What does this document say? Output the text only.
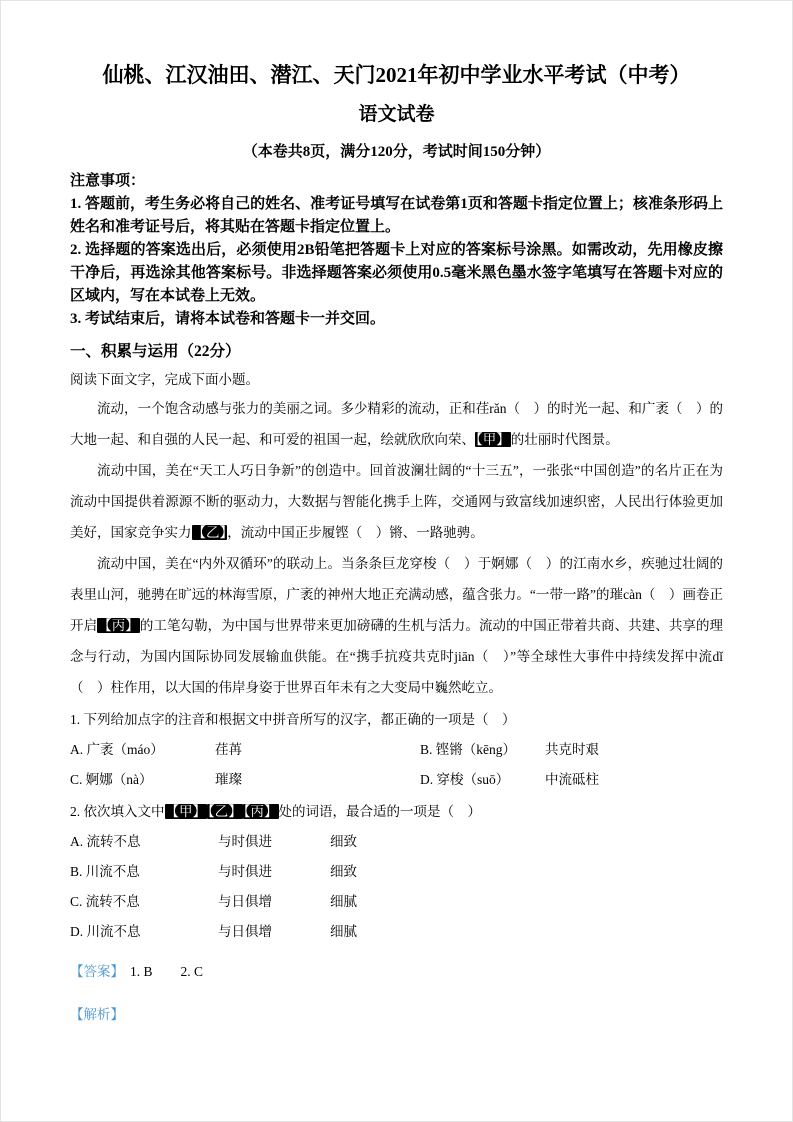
仙桃、江汉油田、潜江、天门2021年初中学业水平考试（中考）
语文试卷
（本卷共8页，满分120分，考试时间150分钟）
注意事项：
1. 答题前，考生务必将自己的姓名、准考证号填写在试卷第1页和答题卡指定位置上；核准条形码上姓名和准考证号后，将其贴在答题卡指定位置上。
2. 选择题的答案选出后，必须使用2B铅笔把答题卡上对应的答案标号涂黑。如需改动，先用橡皮擦干净后，再选涂其他答案标号。非选择题答案必须使用0.5毫米黑色墨水签字笔填写在答题卡对应的区域内，写在本试卷上无效。
3. 考试结束后，请将本试卷和答题卡一并交回。
一、积累与运用（22分）
阅读下面文字，完成下面小题。

流动，一个饱含动感与张力的美丽之词。多少精彩的流动，正和荏rǎn（　）的时光一起、和广袤（　）的大地一起、和自强的人民一起、和可爱的祖国一起，绘就欣欣向荣、【甲】的壮丽时代图景。

流动中国，美在“天工人巧日争新”的创造中。回首波澜壮阔的“十三五”，一张张“中国创造”的名片正在为流动中国提供着源源不断的驱动力，大数据与智能化携手上阵，交通网与致富线加速织密，人民出行体验更加美好，国家竞争实力【乙】，流动中国正步履铿（　）锵、一路驰骋。

流动中国，美在“内外双循环”的联动上。当条条巨龙穿梭（　）于婀娜（　）的江南水乡，疾驰过壮阔的表里山河，驰骋在旷远的林海雪原，广袤的神州大地正充满动感，蕴含张力。“一带一路”的璀càn（　）画卷正开启【丙】的工笔勾勒，为中国与世界带来更加磅礴的生机与活力。流动的中国正带着共商、共建、共享的理念与行动，为国内国际协同发展输血供能。在“携手抗疫共克时jiān（　）”等全球性大事件中持续发挥中流dǐ（　）柱作用，以大国的伟岸身姿于世界百年未有之大变局中巍然屹立。

1. 下列给加点字的注音和根据文中拼音所写的汉字，都正确的一项是（　）
A. 广袤（máo）	荏苒	B. 铿锵（kēng）	共克时艰
C. 婀娜（nà）	璀璨	D. 穿梭（suō）	中流砥柱
2. 依次填入文中【甲】 【乙】 【丙】处的词语，最合适的一项是（　）
A. 流转不息	与时俱进	细致
B. 川流不息	与时俱进	细致
C. 流转不息	与日俱增	细腻
D. 川流不息	与日俱增	细腻
【答案】 1. B 2. C
【解析】
